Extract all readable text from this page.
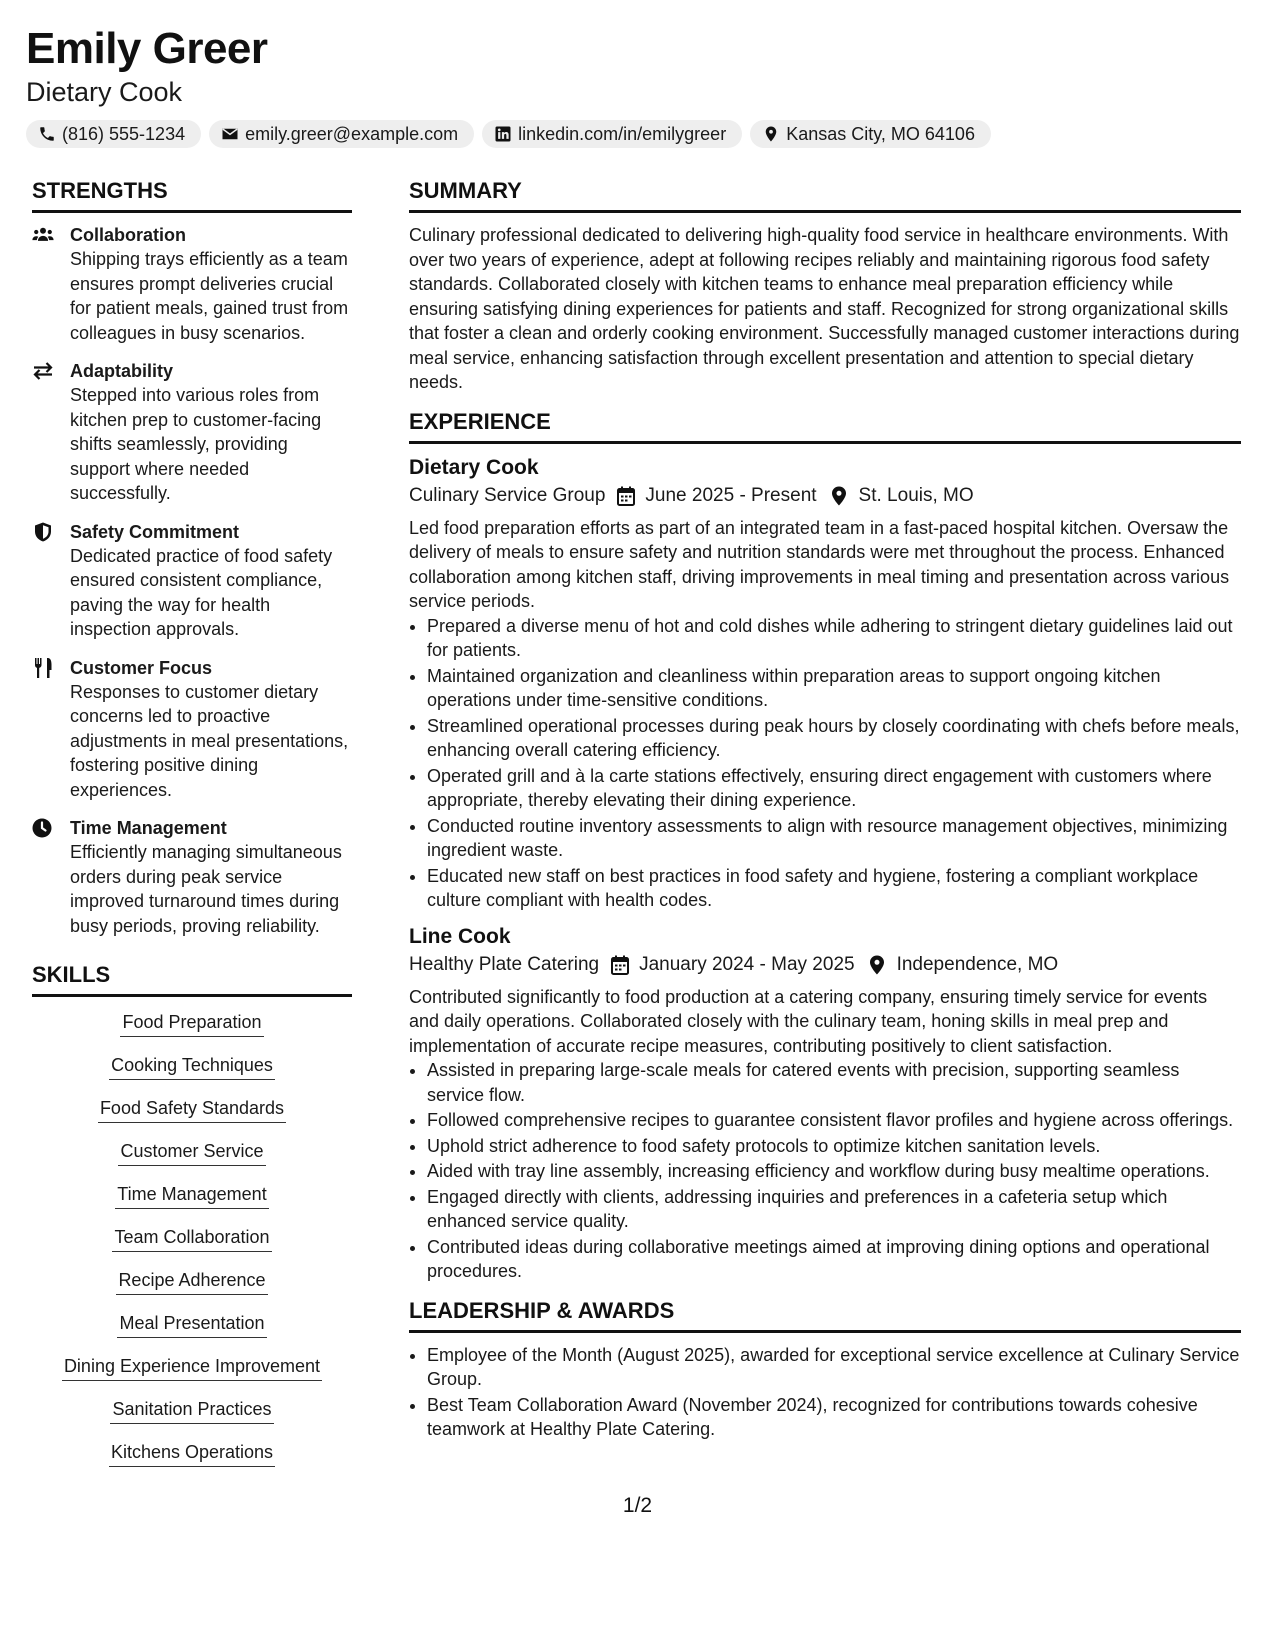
Emily Greer
Dietary Cook
(816) 555-1234	emily.greer@example.com	linkedin.com/in/emilygreer	Kansas City, MO 64106
STRENGTHS
Collaboration
Shipping trays efficiently as a team ensures prompt deliveries crucial for patient meals, gained trust from colleagues in busy scenarios.
Adaptability
Stepped into various roles from kitchen prep to customer-facing shifts seamlessly, providing support where needed successfully.
Safety Commitment
Dedicated practice of food safety ensured consistent compliance, paving the way for health inspection approvals.
Customer Focus
Responses to customer dietary concerns led to proactive adjustments in meal presentations, fostering positive dining experiences.
Time Management
Efficiently managing simultaneous orders during peak service improved turnaround times during busy periods, proving reliability.
SKILLS
Food Preparation
Cooking Techniques
Food Safety Standards
Customer Service
Time Management
Team Collaboration
Recipe Adherence
Meal Presentation
Dining Experience Improvement
Sanitation Practices
Kitchens Operations
SUMMARY
Culinary professional dedicated to delivering high-quality food service in healthcare environments. With over two years of experience, adept at following recipes reliably and maintaining rigorous food safety standards. Collaborated closely with kitchen teams to enhance meal preparation efficiency while ensuring satisfying dining experiences for patients and staff. Recognized for strong organizational skills that foster a clean and orderly cooking environment. Successfully managed customer interactions during meal service, enhancing satisfaction through excellent presentation and attention to special dietary needs.
EXPERIENCE
Dietary Cook
Culinary Service Group June 2025 - Present St. Louis, MO
Led food preparation efforts as part of an integrated team in a fast-paced hospital kitchen. Oversaw the delivery of meals to ensure safety and nutrition standards were met throughout the process. Enhanced collaboration among kitchen staff, driving improvements in meal timing and presentation across various service periods.
• Prepared a diverse menu of hot and cold dishes while adhering to stringent dietary guidelines laid out for patients.
• Maintained organization and cleanliness within preparation areas to support ongoing kitchen operations under time-sensitive conditions.
• Streamlined operational processes during peak hours by closely coordinating with chefs before meals, enhancing overall catering efficiency.
• Operated grill and à la carte stations effectively, ensuring direct engagement with customers where appropriate, thereby elevating their dining experience.
• Conducted routine inventory assessments to align with resource management objectives, minimizing ingredient waste.
• Educated new staff on best practices in food safety and hygiene, fostering a compliant workplace culture compliant with health codes.
Line Cook
Healthy Plate Catering January 2024 - May 2025 Independence, MO
Contributed significantly to food production at a catering company, ensuring timely service for events and daily operations. Collaborated closely with the culinary team, honing skills in meal prep and implementation of accurate recipe measures, contributing positively to client satisfaction.
• Assisted in preparing large-scale meals for catered events with precision, supporting seamless service flow.
• Followed comprehensive recipes to guarantee consistent flavor profiles and hygiene across offerings.
• Uphold strict adherence to food safety protocols to optimize kitchen sanitation levels.
• Aided with tray line assembly, increasing efficiency and workflow during busy mealtime operations.
• Engaged directly with clients, addressing inquiries and preferences in a cafeteria setup which enhanced service quality.
• Contributed ideas during collaborative meetings aimed at improving dining options and operational procedures.
LEADERSHIP & AWARDS
• Employee of the Month (August 2025), awarded for exceptional service excellence at Culinary Service Group.
• Best Team Collaboration Award (November 2024), recognized for contributions towards cohesive teamwork at Healthy Plate Catering.
1/2
